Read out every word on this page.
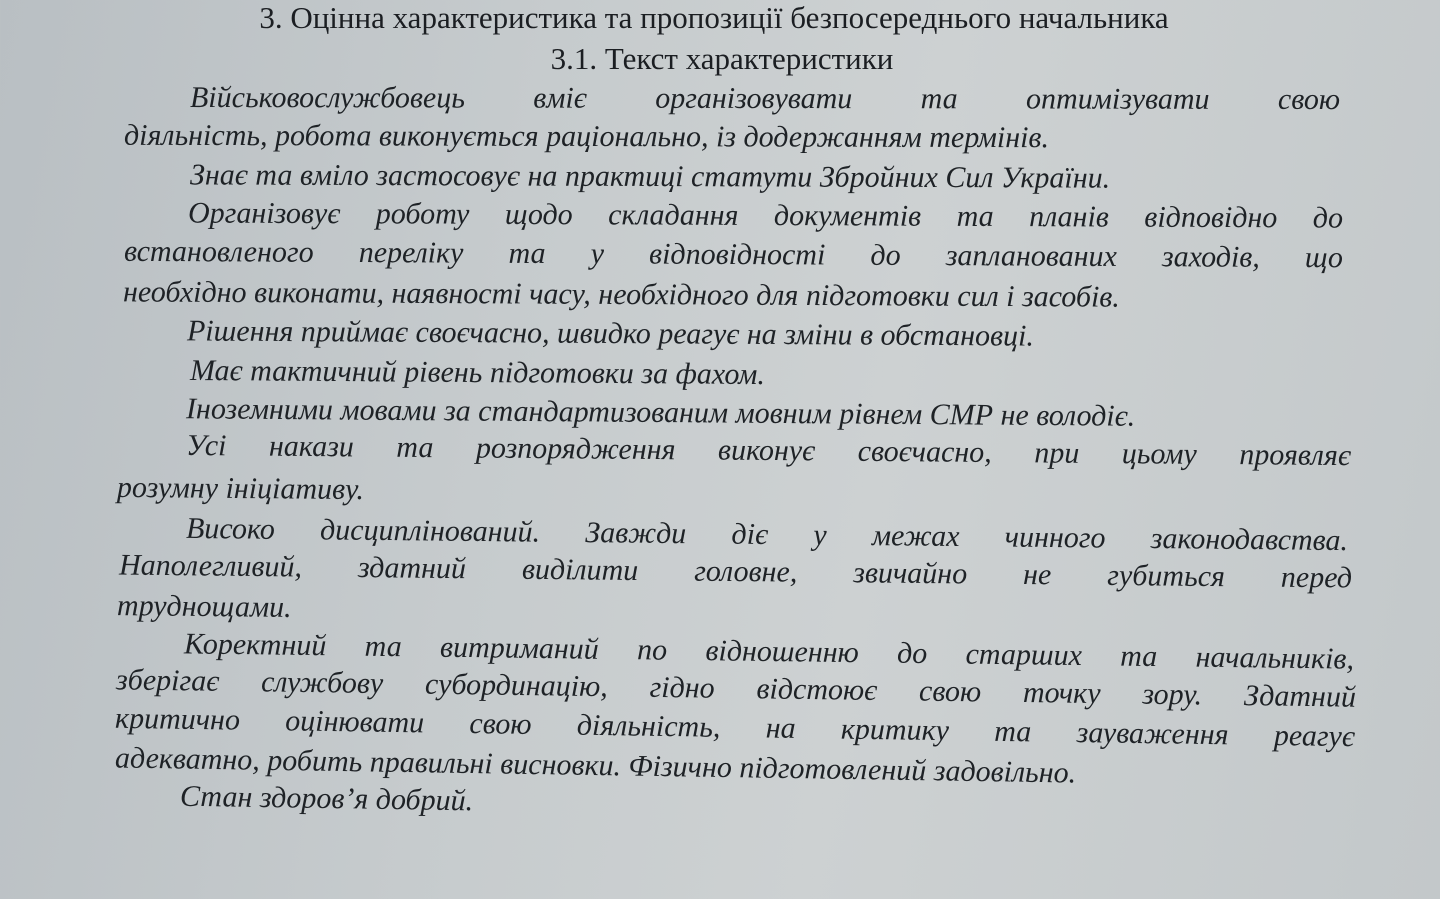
3. Оцінна характеристика та пропозиції безпосереднього начальника
3.1. Текст характеристики
Військовослужбовець вміє організовувати та оптимізувати свою
діяльність, робота виконується раціонально, із додержанням термінів.
Знає та вміло застосовує на практиці статути Збройних Сил України.
Організовує роботу щодо складання документів та планів відповідно до
встановленого переліку та у відповідності до запланованих заходів, що
необхідно виконати, наявності часу, необхідного для підготовки сил і засобів.
Рішення приймає своєчасно, швидко реагує на зміни в обстановці.
Має тактичний рівень підготовки за фахом.
Іноземними мовами за стандартизованим мовним рівнем СМР не володіє.
Усі накази та розпорядження виконує своєчасно, при цьому проявляє
розумну ініціативу.
Високо дисциплінований. Завжди діє у межах чинного законодавства.
Наполегливий, здатний виділити головне, звичайно не губиться перед
труднощами.
Коректний та витриманий по відношенню до старших та начальників,
зберігає службову субординацію, гідно відстоює свою точку зору. Здатний
критично оцінювати свою діяльність, на критику та зауваження реагує
адекватно, робить правильні висновки. Фізично підготовлений задовільно.
Стан здоров’я добрий.
